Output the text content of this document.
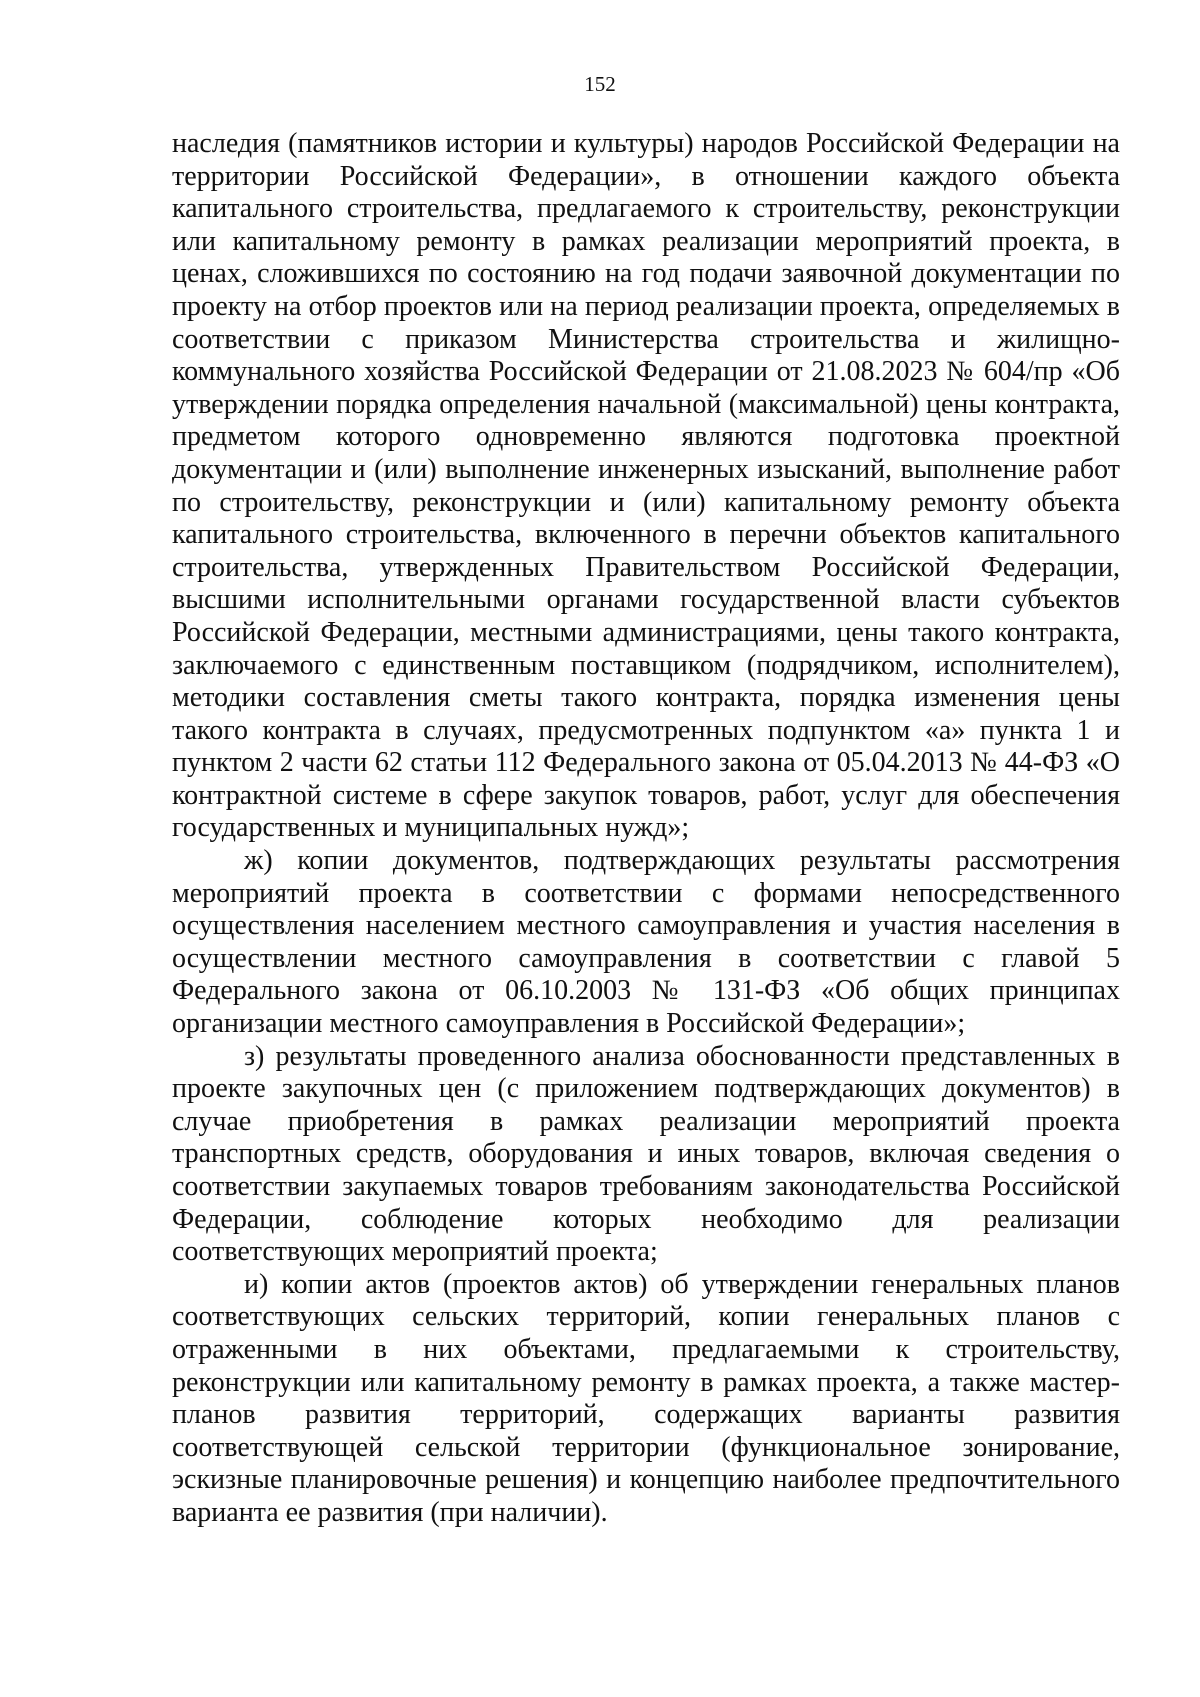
152

наследия (памятников истории и культуры) народов Российской Федерации на территории Российской Федерации», в отношении каждого объекта капитального строительства, предлагаемого к строительству, реконструкции или капитальному ремонту в рамках реализации мероприятий проекта, в ценах, сложившихся по состоянию на год подачи заявочной документации по проекту на отбор проектов или на период реализации проекта, определяемых в соответствии с приказом Министерства строительства и жилищно-коммунального хозяйства Российской Федерации от 21.08.2023 № 604/пр «Об утверждении порядка определения начальной (максимальной) цены контракта, предметом которого одновременно являются подготовка проектной документации и (или) выполнение инженерных изысканий, выполнение работ по строительству, реконструкции и (или) капитальному ремонту объекта капитального строительства, включенного в перечни объектов капитального строительства, утвержденных Правительством Российской Федерации, высшими исполнительными органами государственной власти субъектов Российской Федерации, местными администрациями, цены такого контракта, заключаемого с единственным поставщиком (подрядчиком, исполнителем), методики составления сметы такого контракта, порядка изменения цены такого контракта в случаях, предусмотренных подпунктом «а» пункта 1 и пунктом 2 части 62 статьи 112 Федерального закона от 05.04.2013 № 44-ФЗ «О контрактной системе в сфере закупок товаров, работ, услуг для обеспечения государственных и муниципальных нужд»;

ж) копии документов, подтверждающих результаты рассмотрения мероприятий проекта в соответствии с формами непосредственного осуществления населением местного самоуправления и участия населения в осуществлении местного самоуправления в соответствии с главой 5 Федерального закона от 06.10.2003 № 131-ФЗ «Об общих принципах организации местного самоуправления в Российской Федерации»;

з) результаты проведенного анализа обоснованности представленных в проекте закупочных цен (с приложением подтверждающих документов) в случае приобретения в рамках реализации мероприятий проекта транспортных средств, оборудования и иных товаров, включая сведения о соответствии закупаемых товаров требованиям законодательства Российской Федерации, соблюдение которых необходимо для реализации соответствующих мероприятий проекта;

и) копии актов (проектов актов) об утверждении генеральных планов соответствующих сельских территорий, копии генеральных планов с отраженными в них объектами, предлагаемыми к строительству, реконструкции или капитальному ремонту в рамках проекта, а также мастер-планов развития территорий, содержащих варианты развития соответствующей сельской территории (функциональное зонирование, эскизные планировочные решения) и концепцию наиболее предпочтительного варианта ее развития (при наличии).
